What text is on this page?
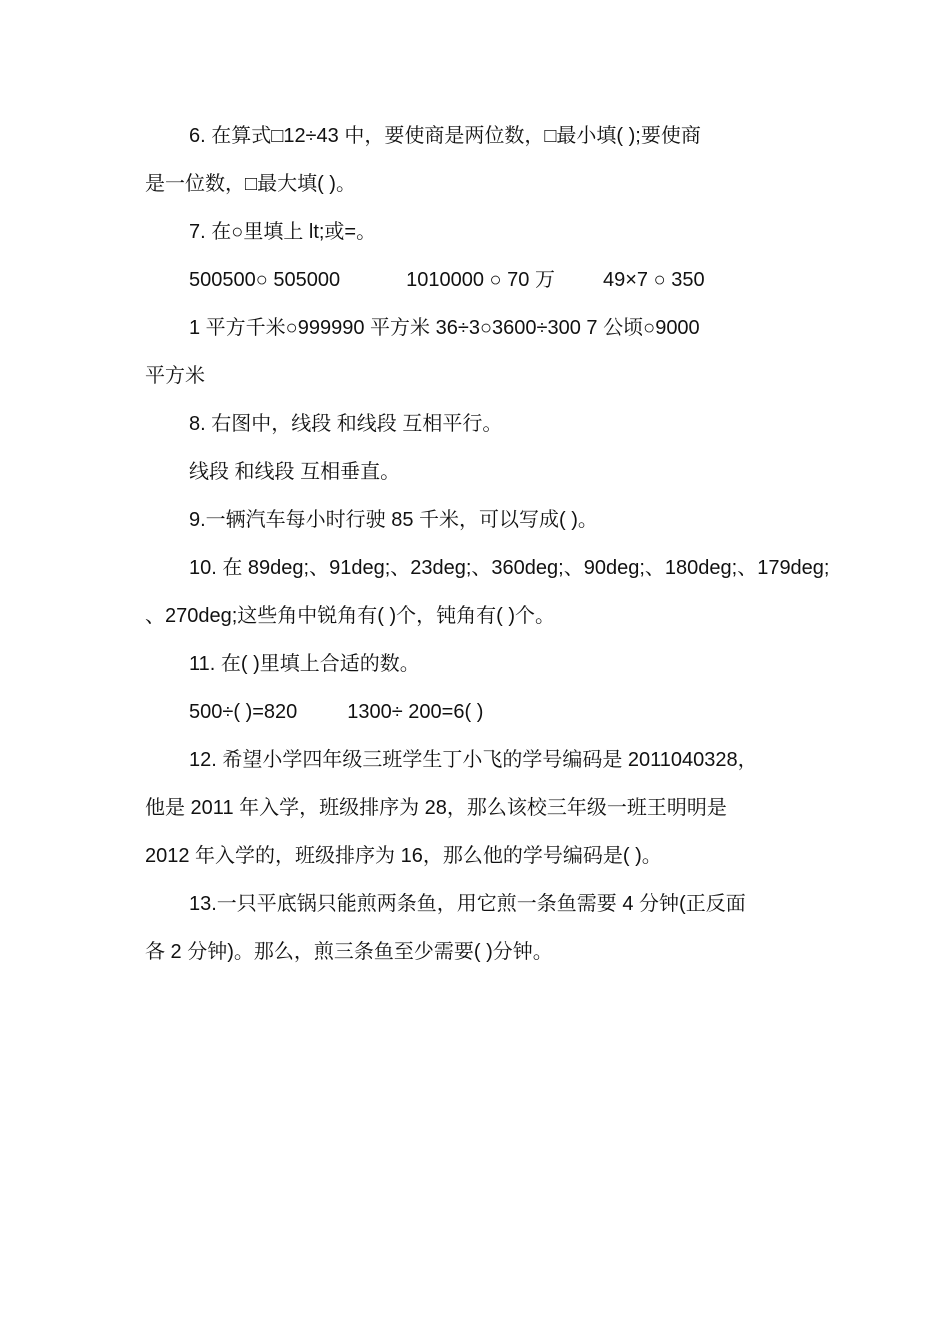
6. 在算式□12÷43 中，要使商是两位数，□最小填( );要使商
是一位数，□最大填( )。
7. 在○里填上 lt;或=。
500500○ 505000	1010000 ○ 70 万 49×7 ○ 350
1 平方千米○999990 平方米 36÷3○3600÷300 7 公顷○9000
平方米
8. 右图中，线段 和线段 互相平行。
线段 和线段 互相垂直。
9.一辆汽车每小时行驶 85 千米，可以写成( )。
10. 在 89deg;、91deg;、23deg;、360deg;、90deg;、180deg;、179deg;
、270deg;这些角中锐角有( )个，钝角有( )个。
11. 在( )里填上合适的数。
500÷( )=820	1300÷ 200=6( )
12. 希望小学四年级三班学生丁小飞的学号编码是 2011040328，
他是 2011 年入学，班级排序为 28，那么该校三年级一班王明明是
2012 年入学的，班级排序为 16，那么他的学号编码是( )。
13.一只平底锅只能煎两条鱼，用它煎一条鱼需要 4 分钟(正反面
各 2 分钟)。那么，煎三条鱼至少需要( )分钟。
